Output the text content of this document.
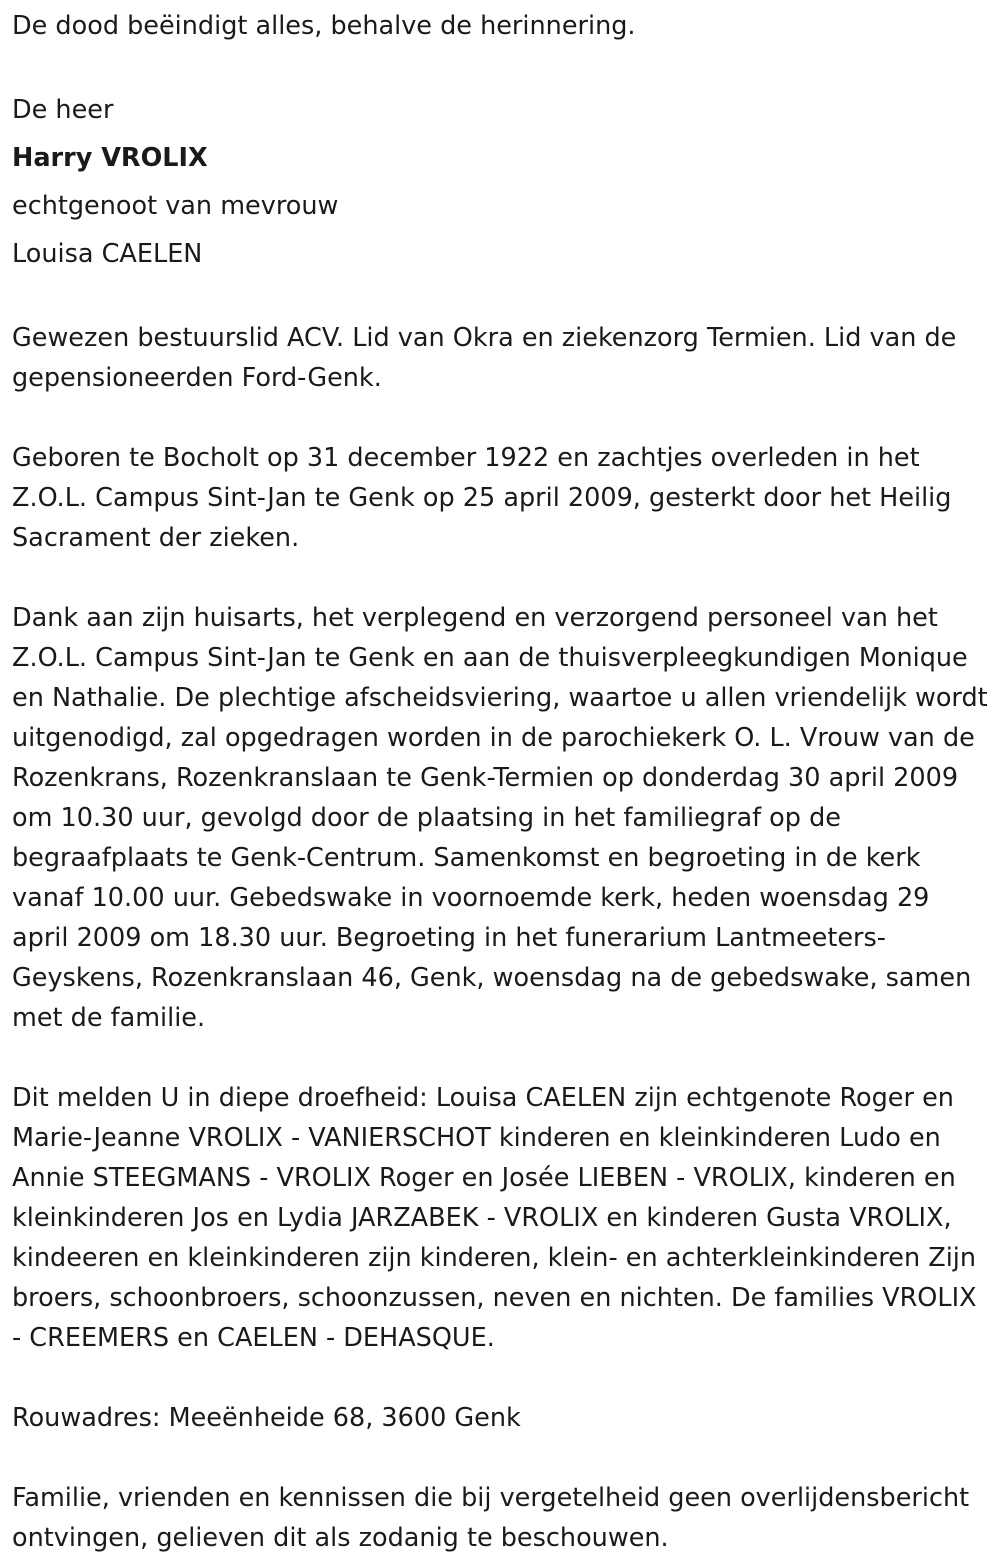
De dood beëindigt alles, behalve de herinnering.

De heer

Harry VROLIX

echtgenoot van mevrouw

Louisa CAELEN

Gewezen bestuurslid ACV. Lid van Okra en ziekenzorg Termien. Lid van de gepensioneerden Ford-Genk.

Geboren te Bocholt op 31 december 1922 en zachtjes overleden in het Z.O.L. Campus Sint-Jan te Genk op 25 april 2009, gesterkt door het Heilig Sacrament der zieken.

Dank aan zijn huisarts, het verplegend en verzorgend personeel van het Z.O.L. Campus Sint-Jan te Genk en aan de thuisverpleegkundigen Monique en Nathalie. De plechtige afscheidsviering, waartoe u allen vriendelijk wordt uitgenodigd, zal opgedragen worden in de parochiekerk O. L. Vrouw van de Rozenkrans, Rozenkranslaan te Genk-Termien op donderdag 30 april 2009 om 10.30 uur, gevolgd door de plaatsing in het familiegraf op de begraafplaats te Genk-Centrum. Samenkomst en begroeting in de kerk vanaf 10.00 uur. Gebedswake in voornoemde kerk, heden woensdag 29 april 2009 om 18.30 uur. Begroeting in het funerarium Lantmeeters-Geyskens, Rozenkranslaan 46, Genk, woensdag na de gebedswake, samen met de familie.

Dit melden U in diepe droefheid: Louisa CAELEN zijn echtgenote Roger en Marie-Jeanne VROLIX - VANIERSCHOT kinderen en kleinkinderen Ludo en Annie STEEGMANS - VROLIX Roger en Josée LIEBEN - VROLIX, kinderen en kleinkinderen Jos en Lydia JARZABEK - VROLIX en kinderen Gusta VROLIX, kindeeren en kleinkinderen zijn kinderen, klein- en achterkleinkinderen Zijn broers, schoonbroers, schoonzussen, neven en nichten. De families VROLIX - CREEMERS en CAELEN - DEHASQUE.

Rouwadres: Meeënheide 68, 3600 Genk

Familie, vrienden en kennissen die bij vergetelheid geen overlijdensbericht ontvingen, gelieven dit als zodanig te beschouwen.
